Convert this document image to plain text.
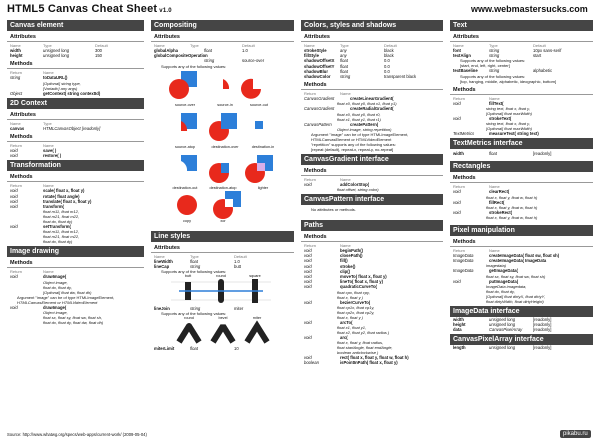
HTML5 Canvas Cheat Sheet v1.0	www.webmastersucks.com
Canvas element
Attributes
Name	Type	Default
width	unsigned long	300
height	unsigned long	150
Methods
Return	Name
string	toDataURL()
[Optional] string type,
[Variadic] any args)
Object	getContext( string contextId)
2D Context
Attributes
Name	Type
canvas	HTMLCanvasObject [readonly]
Methods
Return	Name
void	save( )
void	restore( )
Transformation
Methods
Return	Name
void	scale( float x, float y)
void	rotate( float angle)
void	translate( float x, float y)
void	transform(
float m11, float m12,
float m21, float m22,
float dx, float dy)
void	setTransform(
float m11, float m12,
float m21, float m22,
float dx, float dy)
Image drawing
Methods
Return	Name
void	drawImage(
Object image,
float dx, float dy,
[Optional] float dw, float dh)
Argument "image" can be of type HTMLImageElement,
HTMLCanvasElement or HTMLVideoElement
void	drawImage(
Object image,
float sx, float sy, float sw, float sh,
float dx, float dy, float dw, float dh)
Compositing
Attributes
Name	Type	Default
globalAlpha	float	1.0
globalCompositeOperation
string	source-over
Supports any of the following values:
source-over	source-in	source-out
source-atop	destination-over	destination-in
destination-out	destination-atop	lighter
copy	xor
Line styles
Attributes
Name	Type	Default
lineWidth	float	1.0
lineCap	string	butt
Supports any of the following values:
butt	round	square
lineJoin	string	miter
Supports any of the following values:
round	bevel	miter
miterLimit	float	10
Colors, styles and shadows
Attributes
Name	Type	Default
strokeStyle	any	black
fillStyle	any	black
shadowOffsetX	float	0.0
shadowOffsetY	float	0.0
shadowBlur	float	0.0
shadowColor	string	transparent black
Methods
Return	Name
CanvasGradient	createLinearGradient(
float x0, float y0, float x1, float y1)
CanvasGradient	createRadialGradient(
float x0, float y0, float r0,
float x1, float y1, float r1)
CanvasPattern	createPattern(
Object image, string repetition)
Argument "image" can be of type HTMLImageElement,
HTMLCanvasElement or HTMLVideoElement
"repetition" supports any of the following values:
[repeat (default), repeat-x, repeat-y, no-repeat]
CanvasGradient interface
Methods
Return	Name
void	addColorStop(
float offset, string color)
CanvasPattern interface
No attributes or methods.
Paths
Methods
Return	Name
void	beginPath()
void	closePath()
void	fill()
void	stroke()
void	clip()
void	moveTo( float x, float y)
void	lineTo( float x, float y)
void	quadraticCurveTo(
float cpx, float cpy,
float x, float y )
void	bezierCurveTo(
float cp1x, float cp1y,
float cp2x, float cp2y,
float x, float y )
void	arcTo(
float x1, float y1,
float x2, float y2, float radius )
void	arc(
float x, float y, float radius,
float startAngle, float endAngle,
boolean anticlockwise )
void	rect( float x, float y, float w, float h)
boolean	isPointInPath( float x, float y)
Text
Attributes
Name	Type	Default
font	string	10px sans-serif
textAlign	string	start
Supports any of the following values:
[start, end, left, right, center]
textBaseline	string	alphabetic
Supports any of the following values:
[top, hanging, middle, alphabetic, ideographic, bottom]
Methods
Return	Name
void	fillText(
string text, float x, float y,
[Optional] float maxWidth)
void	strokeText(
string text, float x, float y,
[Optional] float maxWidth)
TextMetrics	measureText( string text)
TextMetrics interface
width	float	[readonly]
Rectangles
Methods
Return	Name
void	clearRect(
float x, float y, float w, float h)
void	fillRect(
float x, float y, float w, float h)
void	strokeRect(
float x, float y, float w, float h)
Pixel manipulation
Methods
Return	Name
ImageData	createImageData( float sw, float sh)
ImageData	createImageData( ImageData
imagedata)
ImageData	getImageData(
float sx, float sy, float sw, float sh)
void	putImageData(
ImageData imagedata,
float dx, float dy,
[Optional] float dirtyX, float dirtyY,
float dirtyWidth, float dirtyHeight)
ImageData interface
width	unsigned long	[readonly]
height	unsigned long	[readonly]
data	CanvasPixelArray	[readonly]
CanvasPixelArray interface
length	unsigned long	[readonly]
Source: http://www.whatwg.org/specs/web-apps/current-work/ (2009-05-04)	pikabu.ru
